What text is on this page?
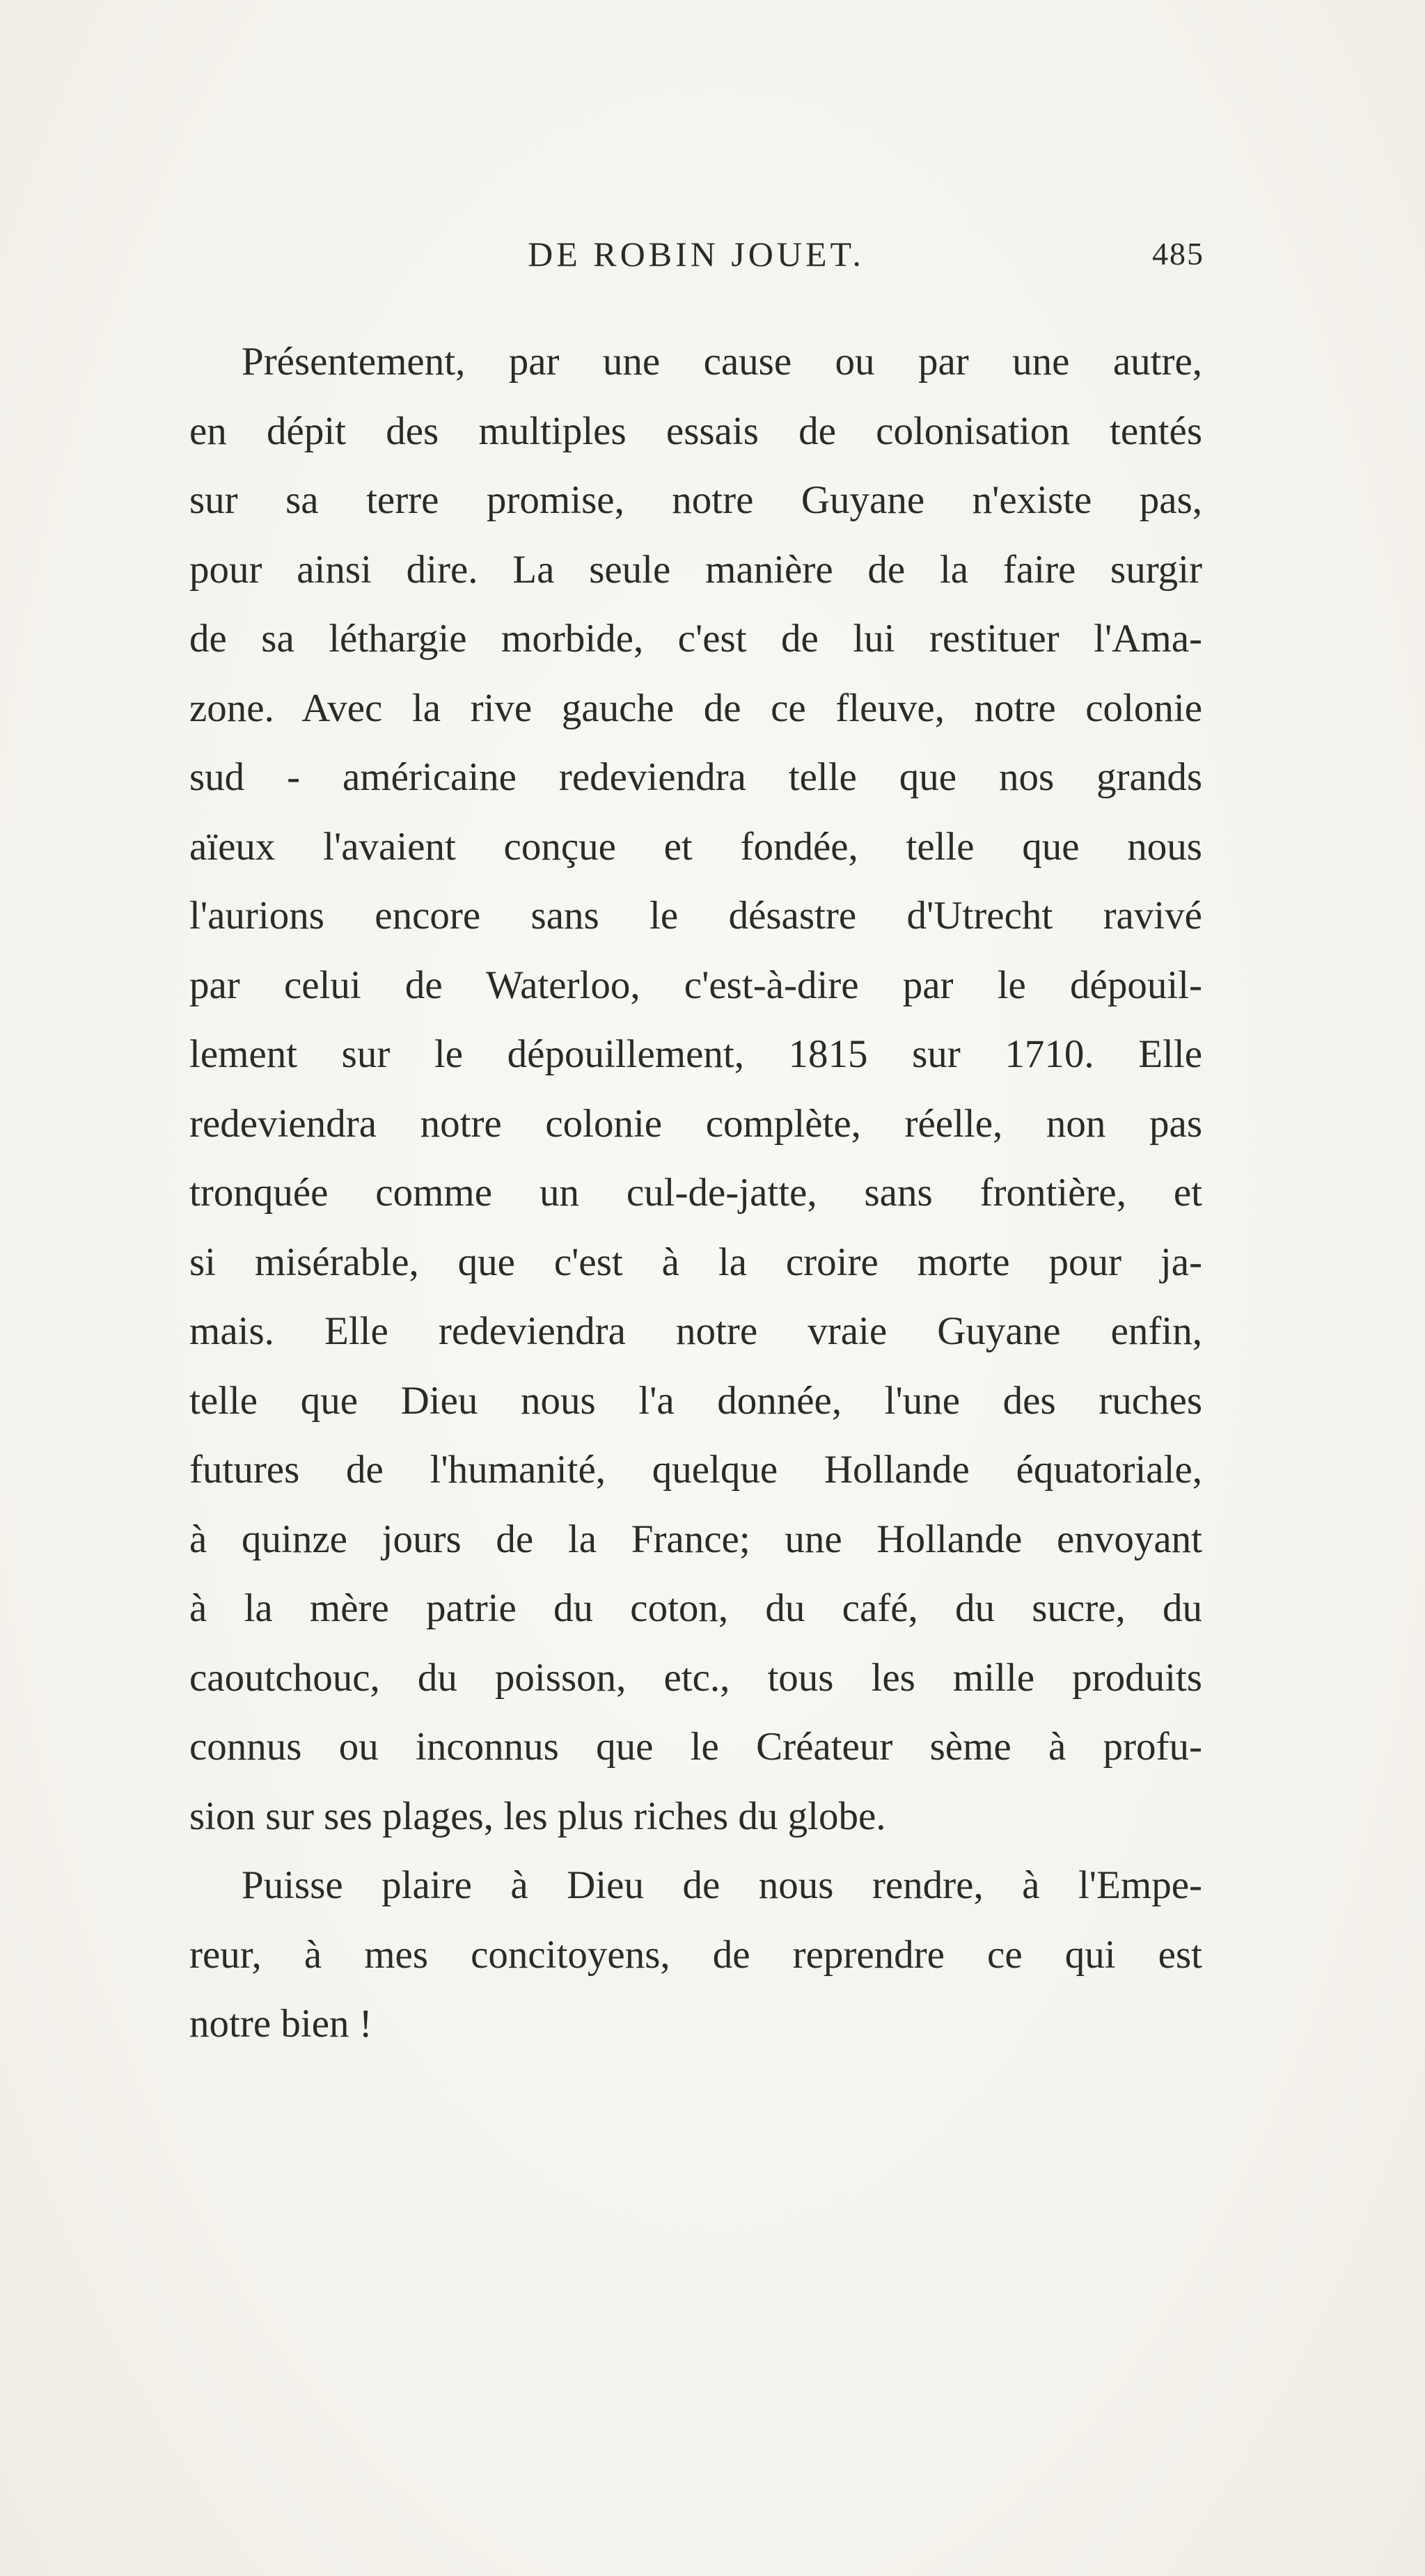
DE ROBIN JOUET.	485
Présentement, par une cause ou par une autre,
en dépit des multiples essais de colonisation tentés
sur sa terre promise, notre Guyane n'existe pas,
pour ainsi dire. La seule manière de la faire surgir
de sa léthargie morbide, c'est de lui restituer l'Ama-
zone. Avec la rive gauche de ce fleuve, notre colonie
sud - américaine redeviendra telle que nos grands
aïeux l'avaient conçue et fondée, telle que nous
l'aurions encore sans le désastre d'Utrecht ravivé
par celui de Waterloo, c'est-à-dire par le dépouil-
lement sur le dépouillement, 1815 sur 1710. Elle
redeviendra notre colonie complète, réelle, non pas
tronquée comme un cul-de-jatte, sans frontière, et
si misérable, que c'est à la croire morte pour ja-
mais. Elle redeviendra notre vraie Guyane enfin,
telle que Dieu nous l'a donnée, l'une des ruches
futures de l'humanité, quelque Hollande équatoriale,
à quinze jours de la France; une Hollande envoyant
à la mère patrie du coton, du café, du sucre, du
caoutchouc, du poisson, etc., tous les mille produits
connus ou inconnus que le Créateur sème à profu-
sion sur ses plages, les plus riches du globe.
Puisse plaire à Dieu de nous rendre, à l'Empe-
reur, à mes concitoyens, de reprendre ce qui est
notre bien !
